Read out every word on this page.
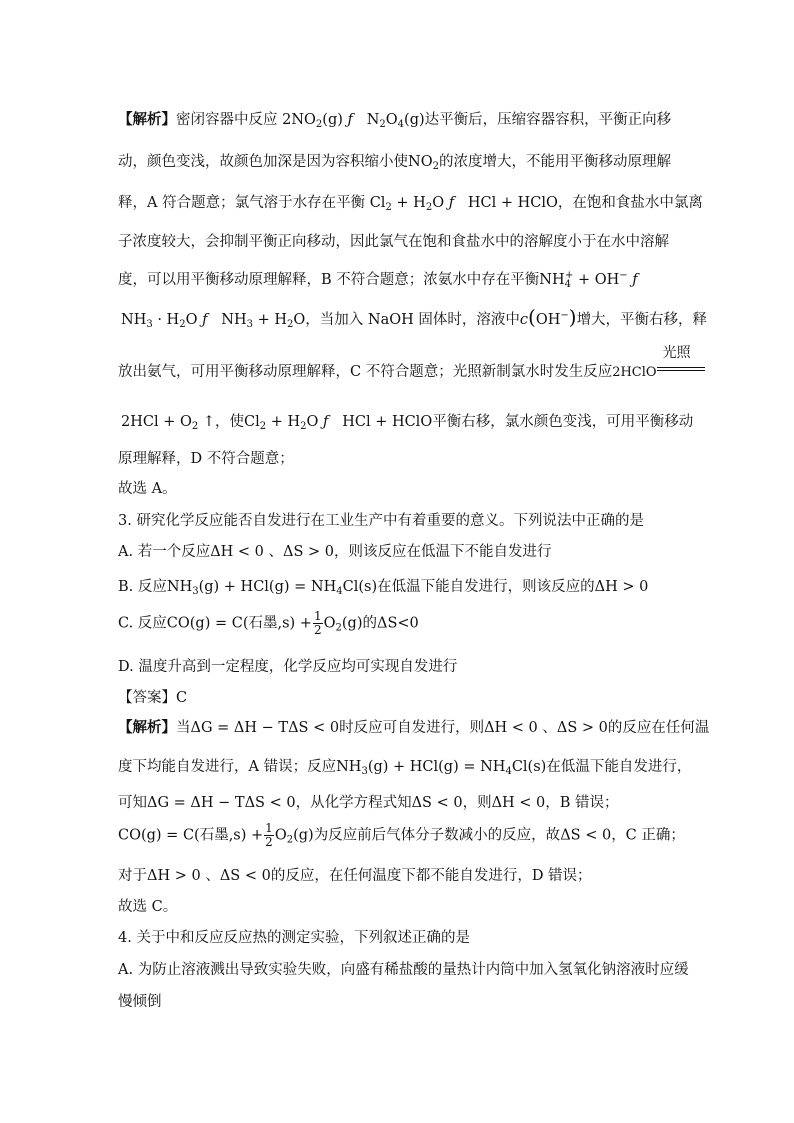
【解析】密闭容器中反应 $2NO_2(g)$ ƒ $N_2O_4(g)$达平衡后，压缩容器容积，平衡正向移
动，颜色变浅，故颜色加深是因为容积缩小使$NO_2$的浓度增大，不能用平衡移动原理解
释，A 符合题意；氯气溶于水存在平衡 $Cl_2 + H_2O$ ƒ HCl + HClO，在饱和食盐水中氯离
子浓度较大，会抑制平衡正向移动，因此氯气在饱和食盐水中的溶解度小于在水中溶解
度，可以用平衡移动原理解释，B 不符合题意；浓氨水中存在平衡$NH_4^+ + OH^-$ ƒ
$NH_3 \cdot H_2O$ ƒ $NH_3 + H_2O$，当加入 NaOH 固体时，溶液中c(OH−)增大，平衡右移，释
放出氨气，可用平衡移动原理解释，C 不符合题意；光照新制氯水时发生反应2HClO
光照
$2HCl + O_2$ ↑，使$Cl_2 + H_2O$ ƒ HCl + HClO平衡右移，氯水颜色变浅，可用平衡移动
原理解释，D 不符合题意；
故选 A。
3. 研究化学反应能否自发进行在工业生产中有着重要的意义。下列说法中正确的是
A. 若一个反应ΔH < 0 、ΔS > 0，则该反应在低温下不能自发进行
B. 反应$NH_3(g) + HCl(g) = NH_4Cl(s)$在低温下能自发进行，则该反应的ΔH > 0
C. 反应CO(g) = C(石墨$,s) + \frac{1}{2} O_2(g)$的ΔS<0
D. 温度升高到一定程度，化学反应均可实现自发进行
【答案】C
【解析】当ΔG = ΔH − TΔS < 0时反应可自发进行，则ΔH < 0 、ΔS > 0的反应在任何温
度下均能自发进行，A 错误；反应$NH_3(g) + HCl(g) = NH_4Cl(s)$在低温下能自发进行，
可知ΔG = ΔH − TΔS < 0，从化学方程式知ΔS < 0，则ΔH < 0，B 错误；
CO(g) = C(石墨$,s) + \frac{1}{2} O_2(g)$为反应前后气体分子数减小的反应，故ΔS < 0，C 正确；
对于ΔH > 0 、ΔS < 0的反应，在任何温度下都不能自发进行，D 错误；
故选 C。
4. 关于中和反应反应热的测定实验，下列叙述正确的是
A. 为防止溶液溅出导致实验失败，向盛有稀盐酸的量热计内筒中加入氢氧化钠溶液时应缓
慢倾倒
